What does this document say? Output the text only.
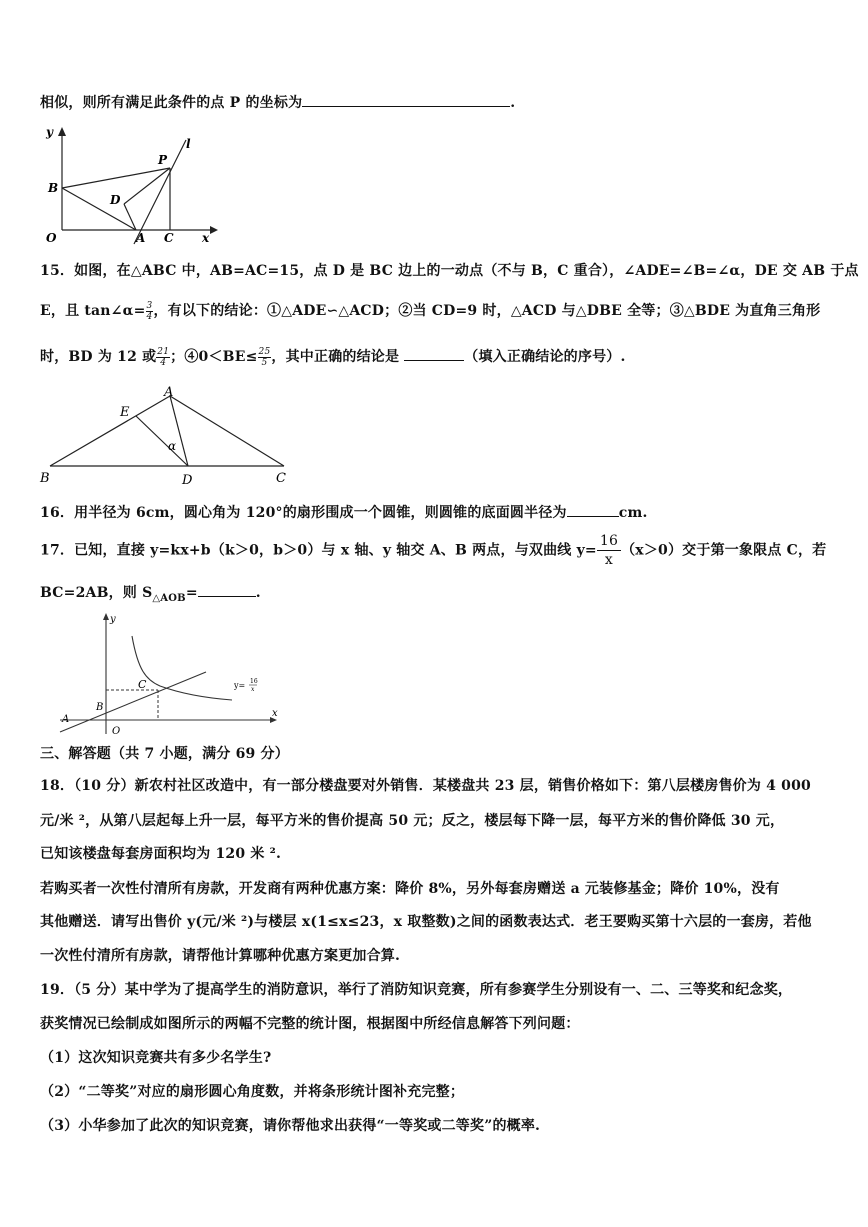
相似，则所有满足此条件的点 P 的坐标为	.
y
l
P
B
D
O	A C x
15．如图，在△ABC 中，AB=AC=15，点 D 是 BC 边上的一动点（不与 B，C 重合），∠ADE=∠B=∠α，DE 交 AB 于点
E，且 tan∠α= $\frac{3}{4}$ ，有以下的结论：①△ADE∽△ACD；②当 CD=9 时，△ACD 与△DBE 全等；③△BDE 为直角三角形
时，BD 为 12 或 $\frac{21}{4}$ ；④0＜BE≤ $\frac{25}{5}$ ，其中正确的结论是	（填入正确结论的序号）.
A
E
α
B	D	C
16．用半径为 6cm，圆心角为 120°的扇形围成一个圆锥，则圆锥的底面圆半径为	cm.
17．已知，直接 y=kx+b（k＞0，b＞0）与 x 轴、y 轴交 A、B 两点，与双曲线 $y= \frac{16}{x} (x>0)$交于第一象限点 C，若
BC=2AB，则 $S_{\triangle AOB}=$	.
y
x
C
B
A
O
y= 16
x
三、解答题（共 7 小题，满分 69 分）
18．（10 分）新农村社区改造中，有一部分楼盘要对外销售．某楼盘共 23 层，销售价格如下：第八层楼房售价为 4 000
元/米 ²，从第八层起每上升一层，每平方米的售价提高 50 元；反之，楼层每下降一层，每平方米的售价降低 30 元，
已知该楼盘每套房面积均为 120 米 ².
若购买者一次性付清所有房款，开发商有两种优惠方案：降价 8%，另外每套房赠送 a 元装修基金；降价 10%，没有
其他赠送．请写出售价 y(元/米 ²)与楼层 x(1≤x≤23，x 取整数)之间的函数表达式．老王要购买第十六层的一套房，若他
一次性付清所有房款，请帮他计算哪种优惠方案更加合算.
19．（5 分）某中学为了提高学生的消防意识，举行了消防知识竞赛，所有参赛学生分别设有一、二、三等奖和纪念奖，
获奖情况已绘制成如图所示的两幅不完整的统计图，根据图中所经信息解答下列问题：
（1）这次知识竞赛共有多少名学生?
（2）“二等奖”对应的扇形圆心角度数，并将条形统计图补充完整；
（3）小华参加了此次的知识竞赛，请你帮他求出获得“一等奖或二等奖”的概率.
